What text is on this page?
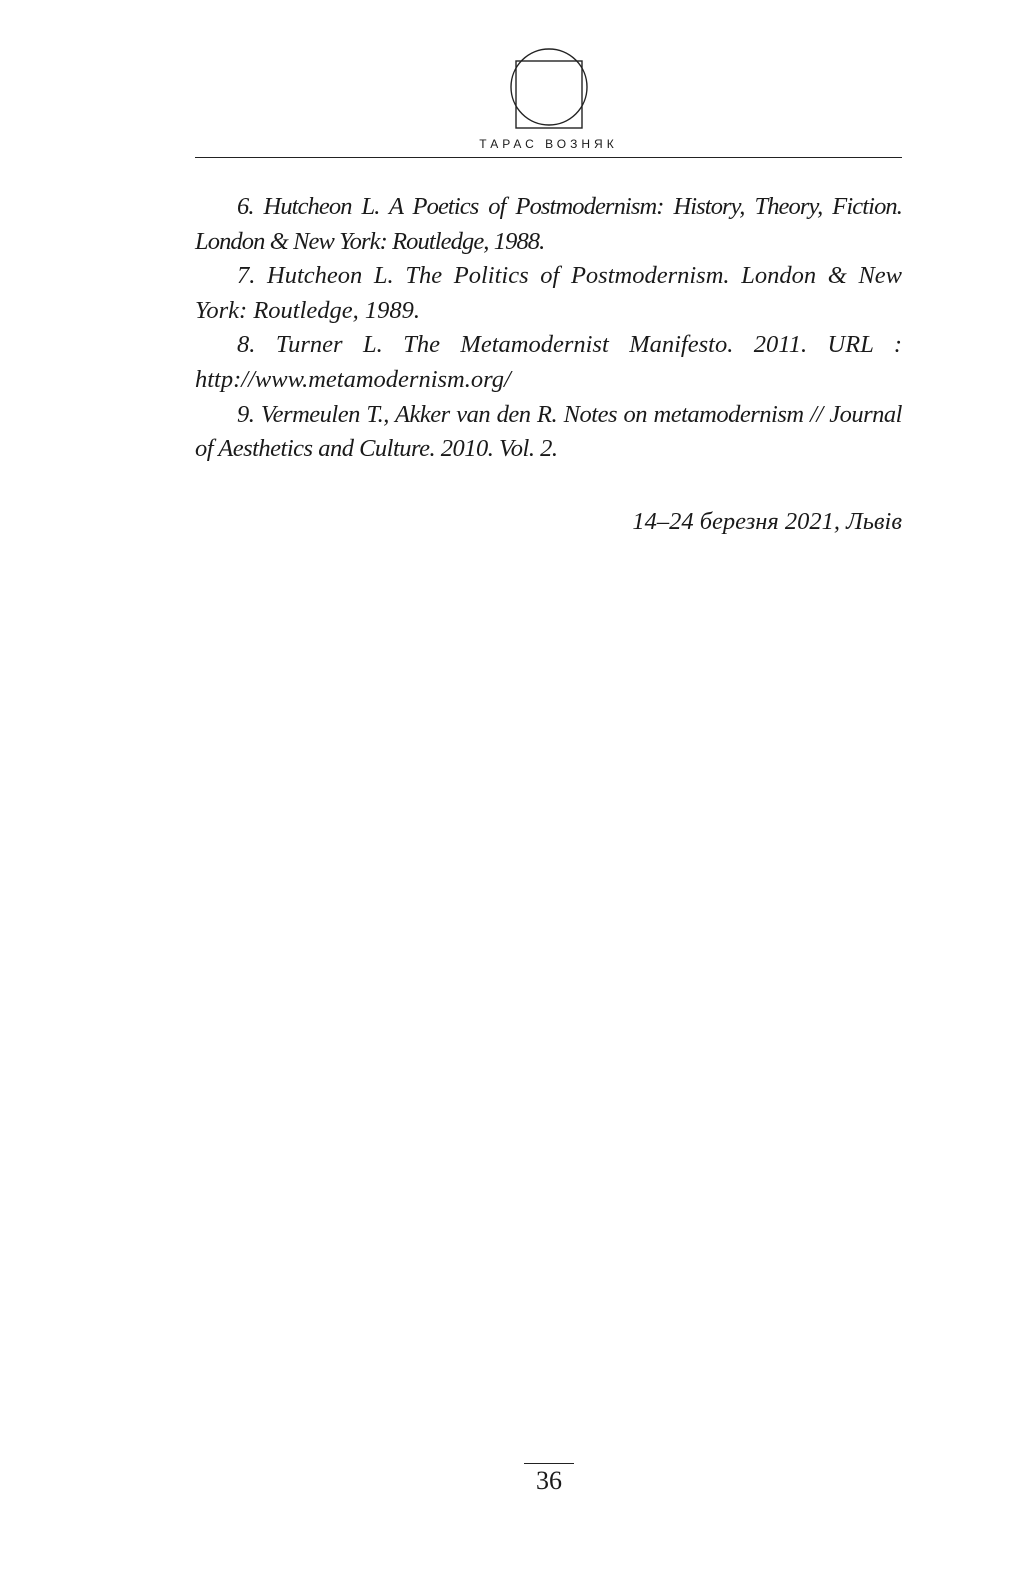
ТАРАС ВОЗНЯК

6. Hutcheon L. A Poetics of Postmodernism: History, Theory, Fiction. London & New York: Routledge, 1988.

7. Hutcheon L. The Politics of Postmodernism. London & New York: Routledge, 1989.

8. Turner L. The Metamodernist Manifesto. 2011. URL : http://www.metamodernism.org/

9. Vermeulen T., Akker van den R. Notes on metamodernism // Journal of Aesthetics and Culture. 2010. Vol. 2.

14–24 березня 2021, Львів
36
